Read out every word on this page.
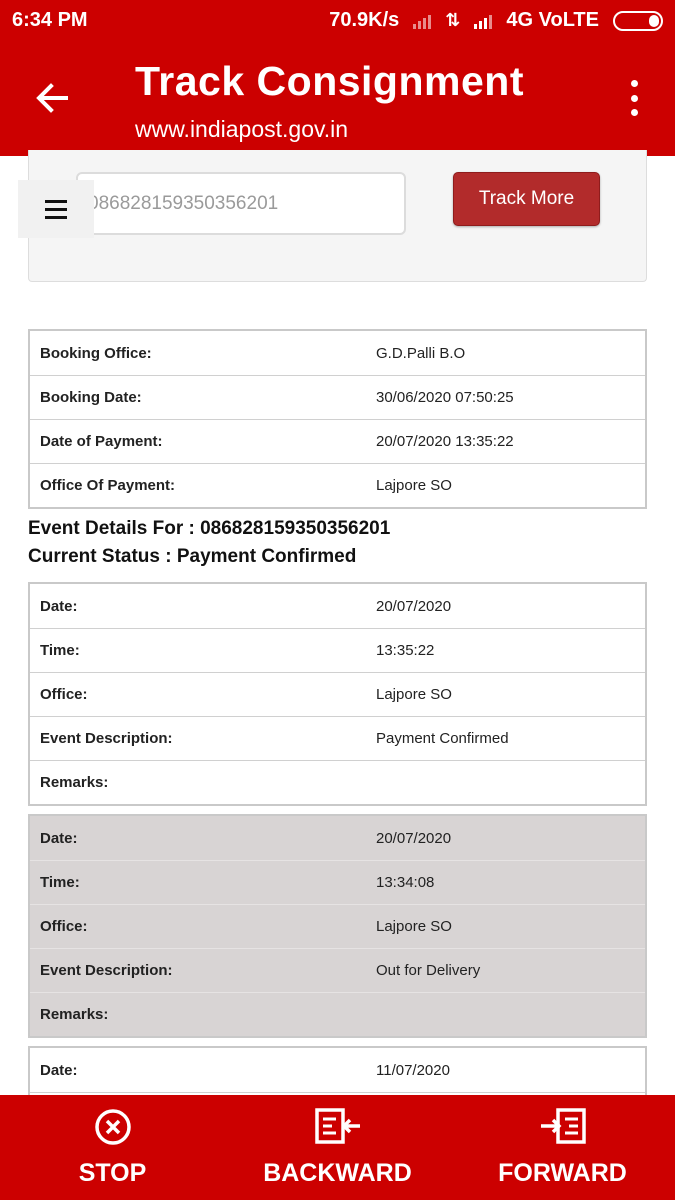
6:34 PM	70.9K/s	⇅ 4G VoLTE
Track Consignment
www.indiapost.gov.in
086828159350356201
Track More
Booking Office:	G.D.Palli B.O
Booking Date:	30/06/2020 07:50:25
Date of Payment:	20/07/2020 13:35:22
Office Of Payment:	Lajpore SO
Event Details For : 086828159350356201
Current Status : Payment Confirmed
Date:	20/07/2020
Time:	13:35:22
Office:	Lajpore SO
Event Description:	Payment Confirmed
Remarks:
Date:	20/07/2020
Time:	13:34:08
Office:	Lajpore SO
Event Description:	Out for Delivery
Remarks:
Date:	11/07/2020
STOP	BACKWARD	FORWARD
